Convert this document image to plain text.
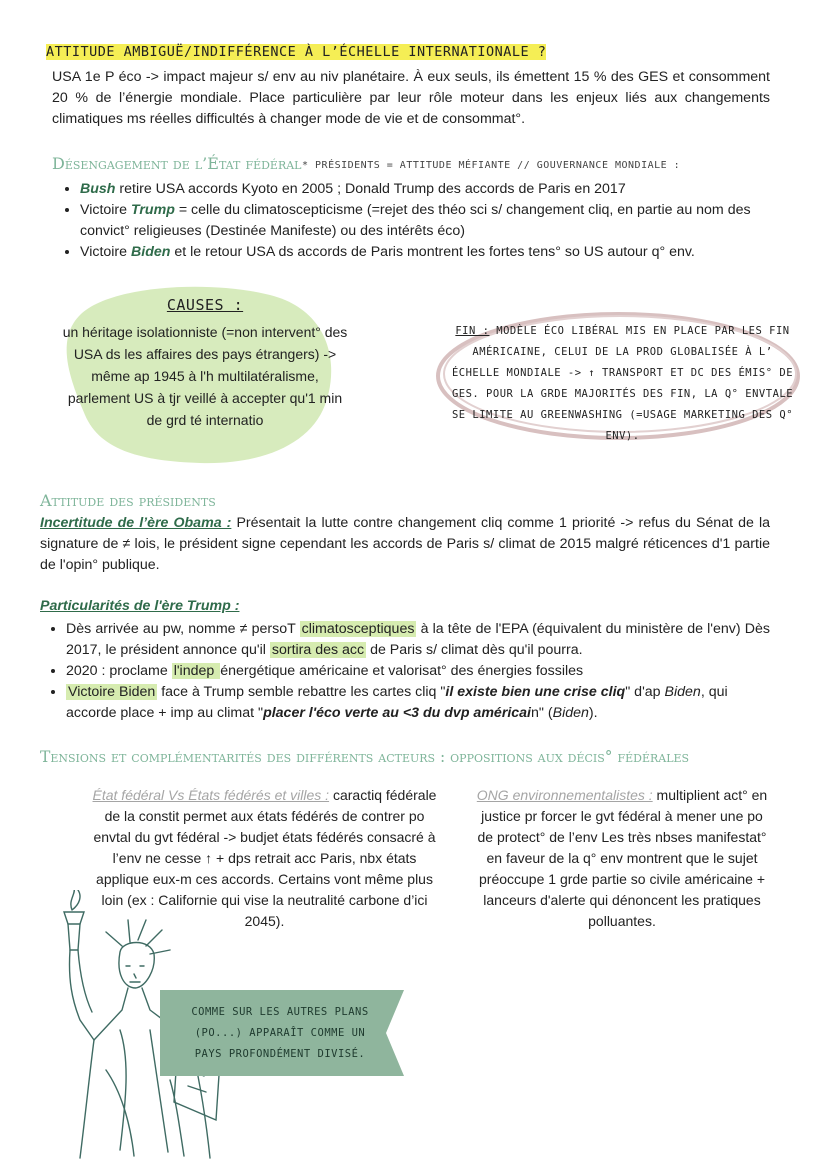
ATTITUDE AMBIGUË/INDIFFÉRENCE À L’ÉCHELLE INTERNATIONALE ?
USA 1e P éco -> impact majeur s/ env au niv planétaire. À eux seuls, ils émettent 15 % des GES et consomment 20 % de l’énergie mondiale. Place particulière par leur rôle moteur dans les enjeux liés aux changements climatiques ms réelles difficultés à changer mode de vie et de consommat°.
Désengagement de l’État fédéral * PRÉSIDENTS = ATTITUDE MÉFIANTE // GOUVERNANCE MONDIALE :
• Bush retire USA accords Kyoto en 2005 ; Donald Trump des accords de Paris en 2017
• Victoire Trump = celle du climatoscepticisme (=rejet des théo sci s/ changement cliq, en partie au nom des convict° religieuses (Destinée Manifeste) ou des intérêts éco)
• Victoire Biden et le retour USA ds accords de Paris montrent les fortes tens° so US autour q° env.
CAUSES :
un héritage isolationniste (=non intervent° des USA ds les affaires des pays étrangers) -> même ap 1945 à l'h multilatéralisme, parlement US à tjr veillé à accepter qu'1 min de grd té internatio
FIN : MODÈLE ÉCO LIBÉRAL MIS EN PLACE PAR LES FIN AMÉRICAINE, CELUI DE LA PROD GLOBALISÉE À L’ ÉCHELLE MONDIALE -> ↑ TRANSPORT ET DC DES ÉMIS° DE GES. POUR LA GRDE MAJORITÉS DES FIN, LA Q° ENVTALE SE LIMITE AU GREENWASHING (=USAGE MARKETING DES Q° ENV).
Attitude des présidents
Incertitude de l’ère Obama : Présentait la lutte contre changement cliq comme 1 priorité -> refus du Sénat de la signature de ≠ lois, le président signe cependant les accords de Paris s/ climat de 2015 malgré réticences d'1 partie de l'opin° publique.
Particularités de l'ère Trump :
• Dès arrivée au pw, nomme ≠ persoT climatosceptiques à la tête de l'EPA (équivalent du ministère de l'env) Dès 2017, le président annonce qu'il sortira des acc de Paris s/ climat dès qu'il pourra.
• 2020 : proclame l'indep énergétique américaine et valorisat° des énergies fossiles
• Victoire Biden face à Trump semble rebattre les cartes cliq "il existe bien une crise cliq" d'ap Biden, qui accorde place + imp au climat "placer l'éco verte au <3 du dvp américain" (Biden).
Tensions et complémentarités des différents acteurs : oppositions aux décis° fédérales
État fédéral Vs États fédérés et villes : caractiq fédérale de la constit permet aux états fédérés de contrer po envtal du gvt fédéral -> budjet états fédérés consacré à l’env ne cesse ↑ + dps retrait acc Paris, nbx états applique eux-m ces accords. Certains vont même plus loin (ex : Californie qui vise la neutralité carbone d’ici 2045).
ONG environnementalistes : multiplient act° en justice pr forcer le gvt fédéral à mener une po de protect° de l’env Les très nbses manifestat° en faveur de la q° env montrent que le sujet préoccupe 1 grde partie so civile américaine + lanceurs d'alerte qui dénoncent les pratiques polluantes.
COMME SUR LES AUTRES PLANS (PO...) APPARAÎT COMME UN PAYS PROFONDÉMENT DIVISÉ.
